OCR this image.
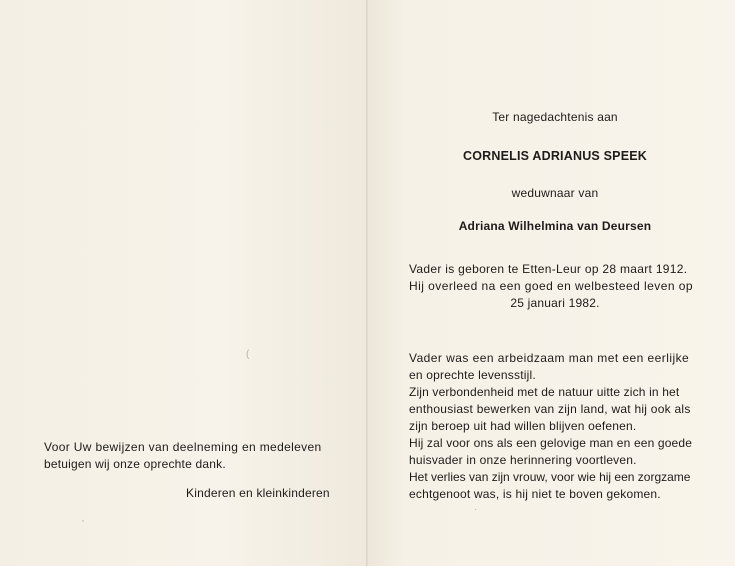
Ter nagedachtenis aan
CORNELIS ADRIANUS SPEEK
weduwnaar van
Adriana Wilhelmina van Deursen
Vader is geboren te Etten-Leur op 28 maart 1912.
Hij overleed na een goed en welbesteed leven op
25 januari 1982.
Vader was een arbeidzaam man met een eerlijke
en oprechte levensstijl.
Zijn verbondenheid met de natuur uitte zich in het
enthousiast bewerken van zijn land, wat hij ook als
zijn beroep uit had willen blijven oefenen.
Hij zal voor ons als een gelovige man en een goede
huisvader in onze herinnering voortleven.
Het verlies van zijn vrouw, voor wie hij een zorgzame
echtgenoot was, is hij niet te boven gekomen.
Voor Uw bewijzen van deelneming en medeleven
betuigen wij onze oprechte dank.
Kinderen en kleinkinderen
(
'
·
